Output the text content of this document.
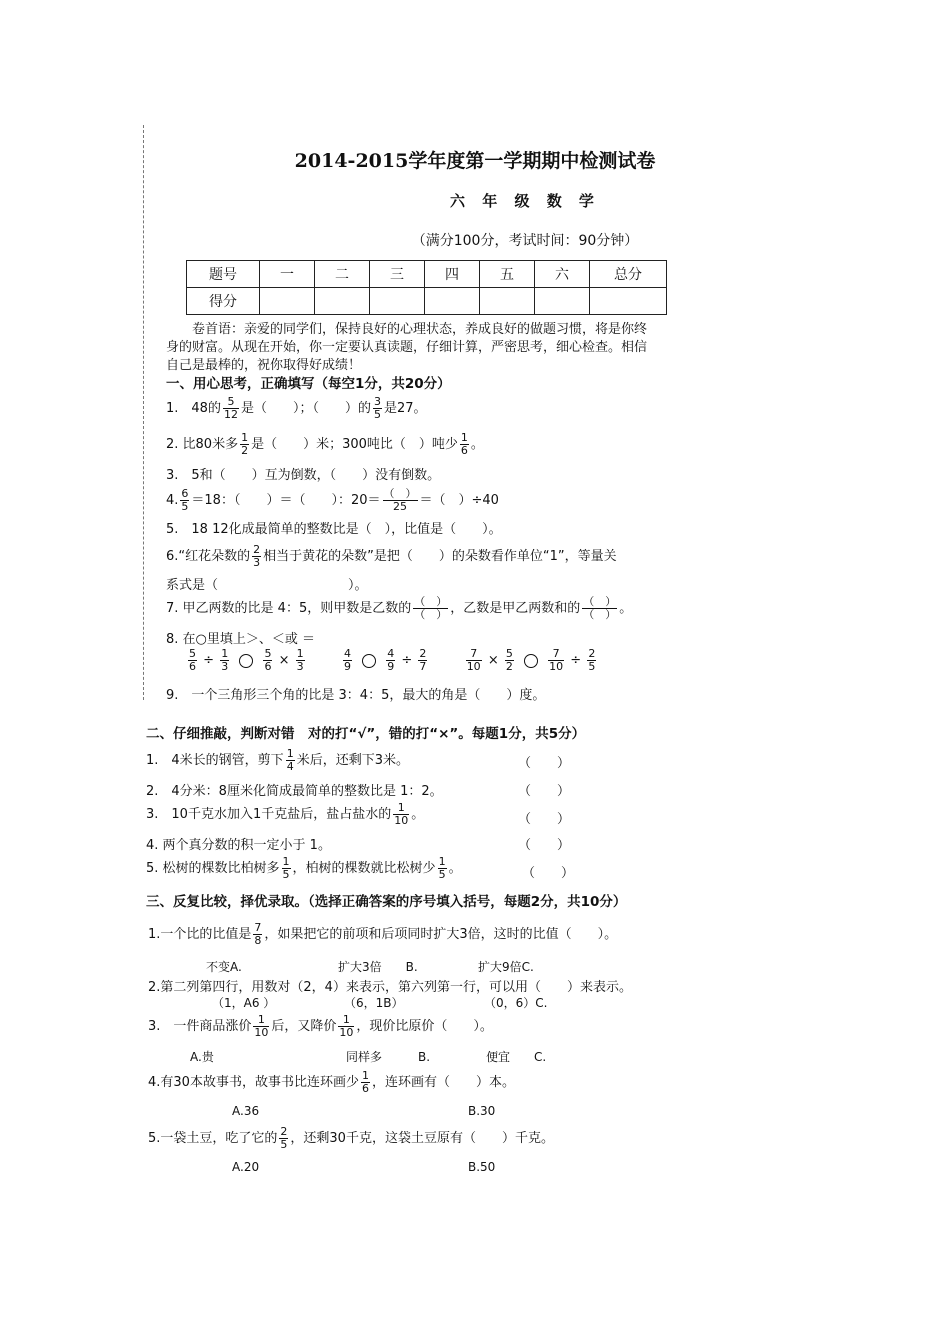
2014-2015学年度第一学期期中检测试卷
六 年 级 数 学
（满分100分，考试时间：90分钟）
题号	一	二	三	四	五	六	总分
得分							
卷首语：亲爱的同学们，保持良好的心理状态，养成良好的做题习惯，将是你终
身的财富。从现在开始，你一定要认真读题，仔细计算，严密思考，细心检查。相信
自己是最棒的，祝你取得好成绩！
一、用心思考，正确填写（每空1分，共20分）
1.　48的 $\frac{5}{12}$ 是（　　）；（　　）的 $\frac{3}{5}$ 是27。
2. 比80米多 $\frac{1}{2}$ 是（　　）米；300吨比（　）吨少 $\frac{1}{6}$ 。
3.　5和（　　）互为倒数，（　　）没有倒数。
4. $\frac{6}{5} =18$：（　　）＝（　　）：$20= \frac{( )}{25}$ ＝（　）÷40
5.　18 12化成最简单的整数比是（　），比值是（　　）。
6.“红花朵数的 $\frac{2}{3}$ 相当于黄花的朵数”是把（　　）的朵数看作单位“1”，等量关
系式是（　　　　　　　　　　）。
7. 甲乙两数的比是 4：5，则甲数是乙数的 $\frac{( )}{( )}$ ，乙数是甲乙两数和的 $\frac{( )}{( )}$ 。
8. 在○里填上＞、＜或 ＝
$\frac{5}{6} \div \frac{1}{3}$
	$\frac{5}{6} \times \frac{1}{3}$
	$\frac{4}{9}$
	$\frac{4}{9} \div \frac{2}{7}$
	$\frac{7}{10} \times \frac{5}{2}$
	$\frac{7}{10} \div \frac{2}{5}$
9.　一个三角形三个角的比是 3：4：5，最大的角是（　　）度。
二、仔细推敲，判断对错　对的打“√”，错的打“×”。每题1分，共5分）
1.　4米长的钢管，剪下 $\frac{1}{4}$ 米后，还剩下3米。	（　　）
2.　4分米：8厘米化简成最简单的整数比是 1：2。	（　　）
3.　10千克水加入1千克盐后，盐占盐水的 $\frac{1}{10}$ 。	（　　）
4. 两个真分数的积一定小于 1。	（　　）
5. 松树的棵数比柏树多 $\frac{1}{5}$ ，柏树的棵数就比松树少 $\frac{1}{5}$ 。	（　　）
三、反复比较，择优录取。（选择正确答案的序号填入括号，每题2分，共10分）
1.一个比的比值是 $\frac{7}{8}$ ，如果把它的前项和后项同时扩大3倍，这时的比值（　　）。
不变A.	扩大3倍　　B.	扩大9倍C.
2.第二列第四行，用数对（2，4）来表示，第六列第一行，可以用（　　）来表示。
（1，A6 ）	（6，1B）	（0，6）C.
3.　一件商品涨价 $\frac{1}{10}$ 后，又降价 $\frac{1}{10}$ ，现价比原价（　　）。
A.贵	同样多　　　B.	便宜　　C.
4.有30本故事书，故事书比连环画少 $\frac{1}{6}$ ，连环画有（　　）本。
A.36	B.30
5.一袋土豆，吃了它的 $\frac{2}{5}$ ，还剩30千克，这袋土豆原有（　　）千克。
A.20	B.50
